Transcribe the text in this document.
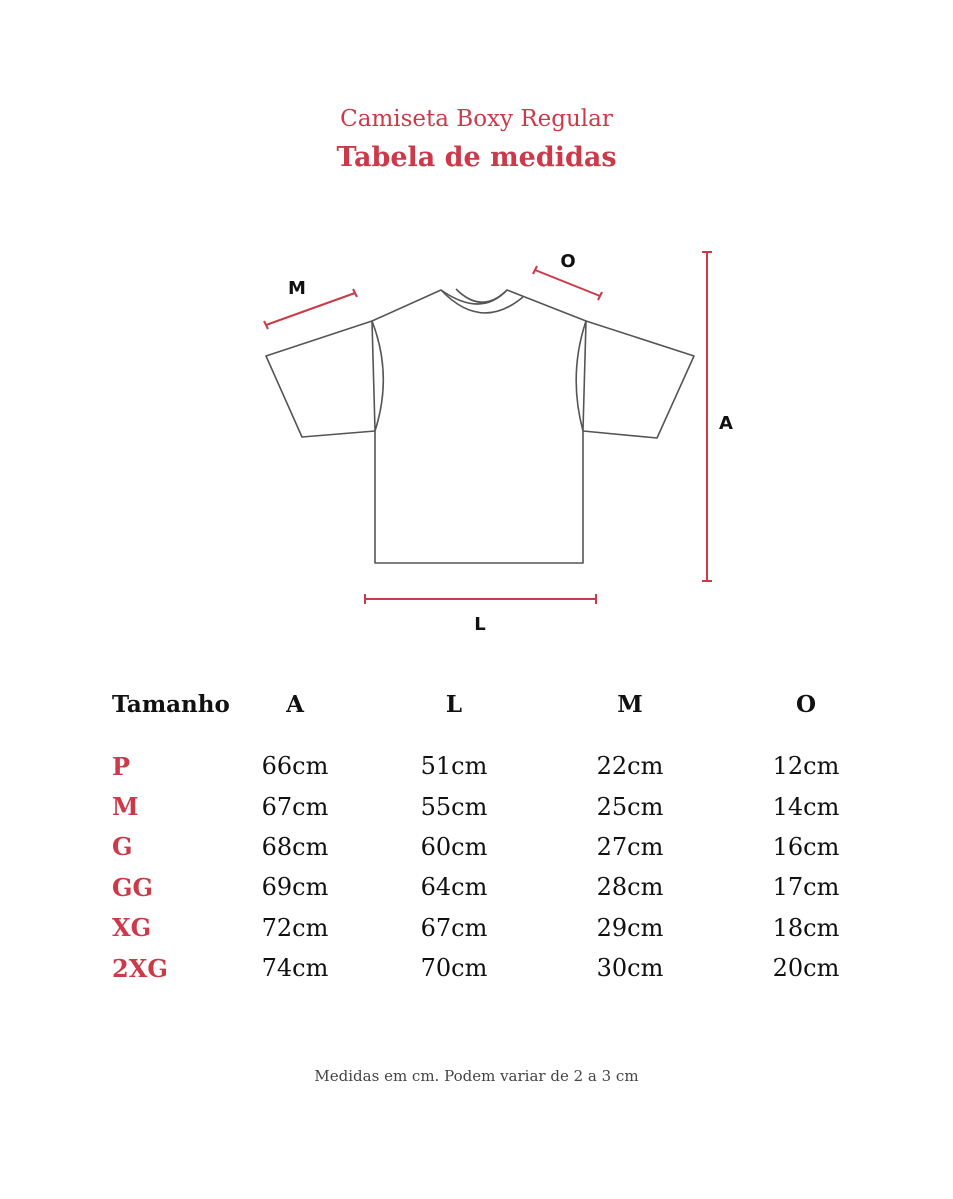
Camiseta Boxy Regular
Tabela de medidas
M
O
A
L
Tamanho	A	L	M	O

P	66cm	51cm	22cm	12cm
M	67cm	55cm	25cm	14cm
G	68cm	60cm	27cm	16cm
GG	69cm	64cm	28cm	17cm
XG	72cm	67cm	29cm	18cm
2XG	74cm	70cm	30cm	20cm
Medidas em cm. Podem variar de 2 a 3 cm
